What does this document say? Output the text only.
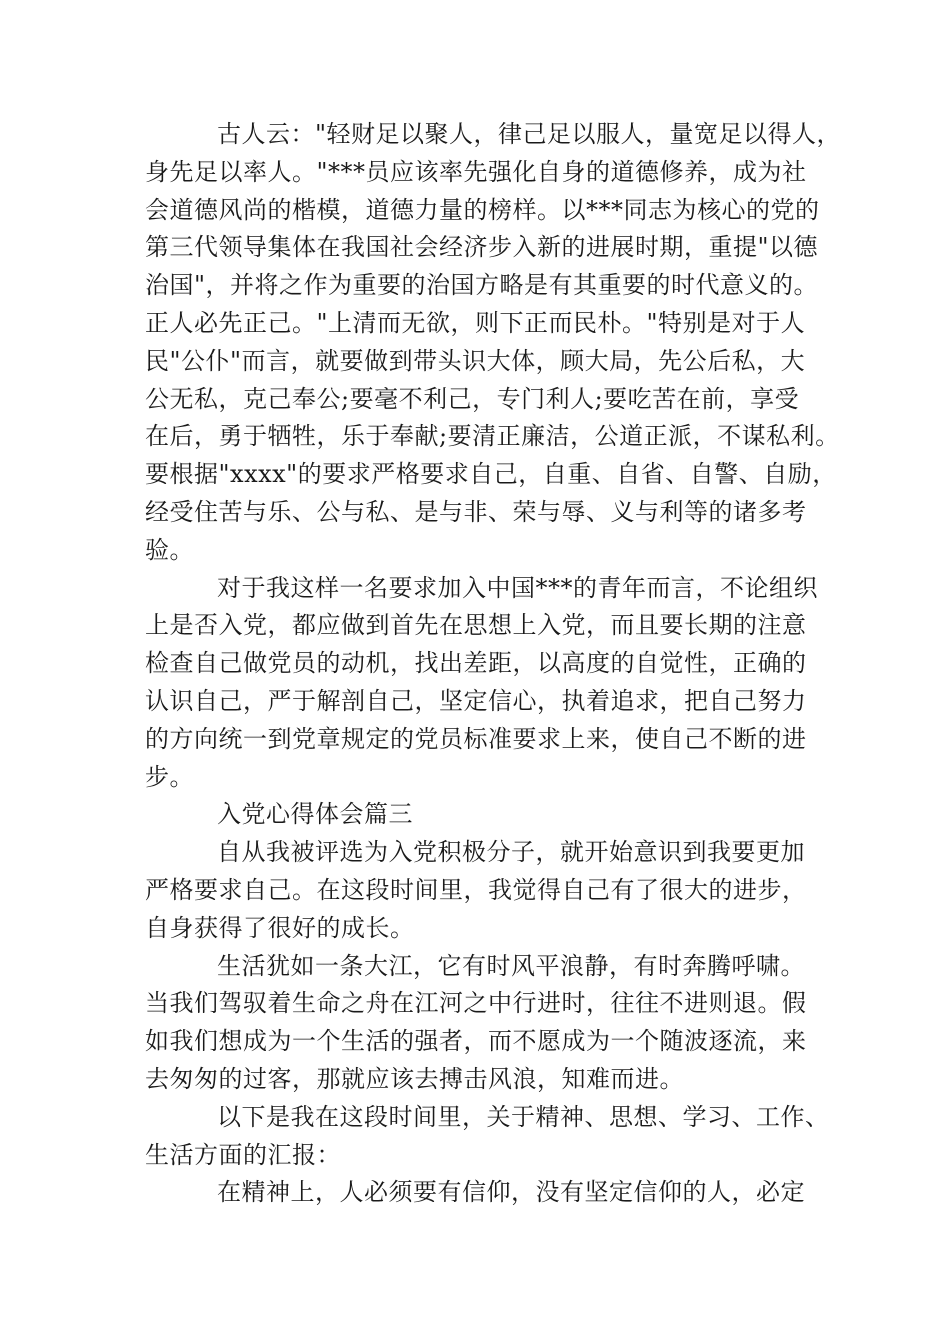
古人云："轻财足以聚人，律己足以服人，量宽足以得人，
身先足以率人。"***员应该率先强化自身的道德修养，成为社
会道德风尚的楷模，道德力量的榜样。以***同志为核心的党的
第三代领导集体在我国社会经济步入新的进展时期，重提"以德
治国"，并将之作为重要的治国方略是有其重要的时代意义的。
正人必先正己。"上清而无欲，则下正而民朴。"特别是对于人
民"公仆"而言，就要做到带头识大体，顾大局，先公后私，大
公无私，克己奉公;要毫不利己，专门利人;要吃苦在前，享受
在后，勇于牺牲，乐于奉献;要清正廉洁，公道正派，不谋私利。
要根据"xxxx"的要求严格要求自己，自重、自省、自警、自励，
经受住苦与乐、公与私、是与非、荣与辱、义与利等的诸多考
验。
对于我这样一名要求加入中国***的青年而言，不论组织
上是否入党，都应做到首先在思想上入党，而且要长期的注意
检查自己做党员的动机，找出差距，以高度的自觉性，正确的
认识自己，严于解剖自己，坚定信心，执着追求，把自己努力
的方向统一到党章规定的党员标准要求上来，使自己不断的进
步。
入党心得体会篇三
自从我被评选为入党积极分子，就开始意识到我要更加
严格要求自己。在这段时间里，我觉得自己有了很大的进步，
自身获得了很好的成长。
生活犹如一条大江，它有时风平浪静，有时奔腾呼啸。
当我们驾驭着生命之舟在江河之中行进时，往往不进则退。假
如我们想成为一个生活的强者，而不愿成为一个随波逐流，来
去匆匆的过客，那就应该去搏击风浪，知难而进。
以下是我在这段时间里，关于精神、思想、学习、工作、
生活方面的汇报：
在精神上，人必须要有信仰，没有坚定信仰的人，必定
